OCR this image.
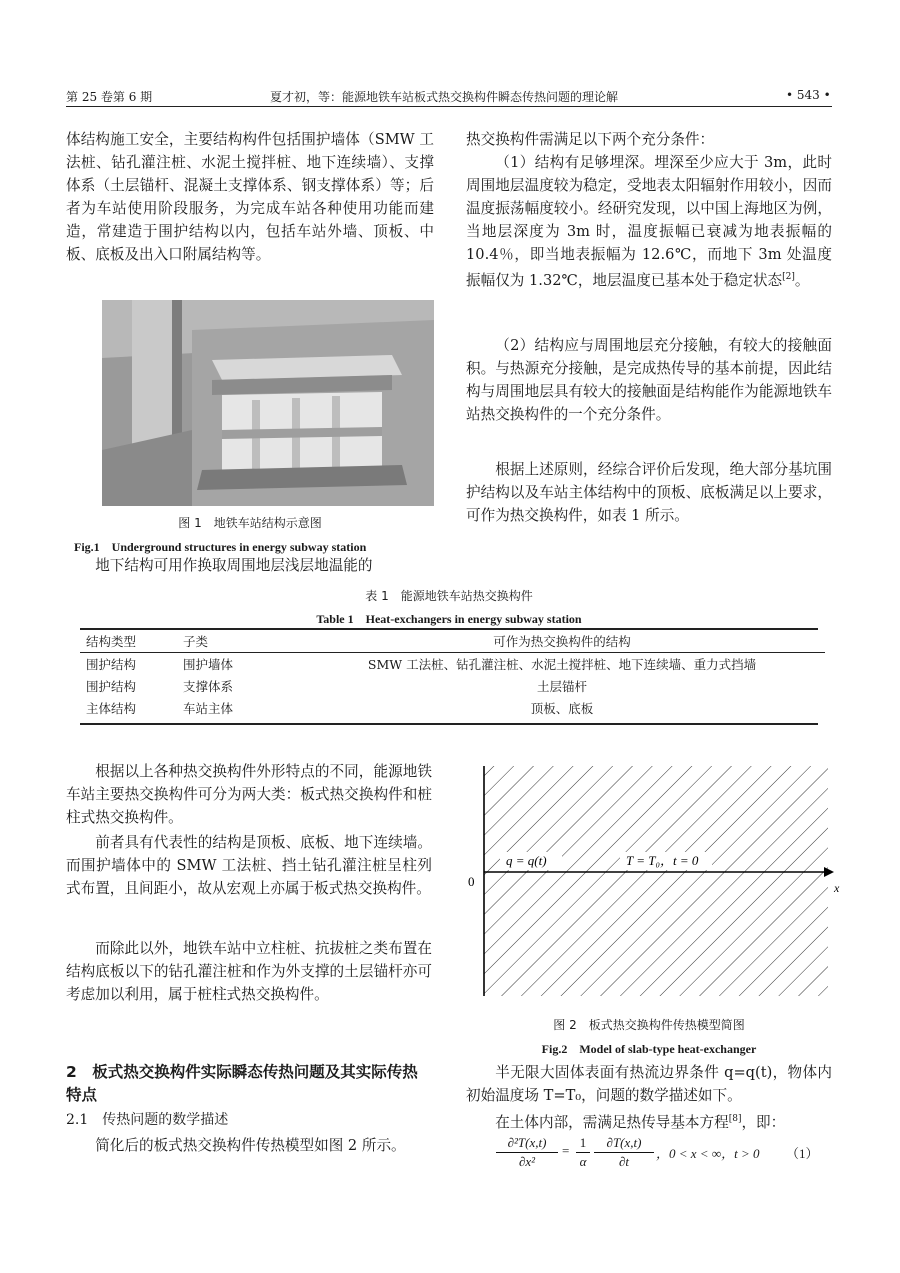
第 25 卷第 6 期	夏才初，等：能源地铁车站板式热交换构件瞬态传热问题的理论解	• 543 •

体结构施工安全，主要结构构件包括围护墙体（SMW 工法桩、钻孔灌注桩、水泥土搅拌桩、地下连续墙）、支撑体系（土层锚杆、混凝土支撑体系、钢支撑体系）等；后者为车站使用阶段服务，为完成车站各种使用功能而建造，常建造于围护结构以内，包括车站外墙、顶板、中板、底板及出入口附属结构等。

图 1　地铁车站结构示意图
Fig.1　Underground structures in energy subway station

地下结构可用作换取周围地层浅层地温能的

热交换构件需满足以下两个充分条件：

（1）结构有足够埋深。埋深至少应大于 3m，此时周围地层温度较为稳定，受地表太阳辐射作用较小，因而温度振荡幅度较小。经研究发现，以中国上海地区为例，当地层深度为 3m 时，温度振幅已衰减为地表振幅的 10.4％，即当地表振幅为 12.6℃，而地下 3m 处温度振幅仅为 1.32℃，地层温度已基本处于稳定状态[2]。

（2）结构应与周围地层充分接触，有较大的接触面积。与热源充分接触，是完成热传导的基本前提，因此结构与周围地层具有较大的接触面是结构能作为能源地铁车站热交换构件的一个充分条件。

根据上述原则，经综合评价后发现，绝大部分基坑围护结构以及车站主体结构中的顶板、底板满足以上要求，可作为热交换构件，如表 1 所示。

表 1　能源地铁车站热交换构件
Table 1　Heat-exchangers in energy subway station
结构类型	子类	可作为热交换构件的结构
围护结构	围护墙体	SMW 工法桩、钻孔灌注桩、水泥土搅拌桩、地下连续墙、重力式挡墙
围护结构	支撑体系	土层锚杆
主体结构	车站主体	顶板、底板

根据以上各种热交换构件外形特点的不同，能源地铁车站主要热交换构件可分为两大类：板式热交换构件和桩柱式热交换构件。

前者具有代表性的结构是顶板、底板、地下连续墙。而围护墙体中的 SMW 工法桩、挡土钻孔灌注桩呈柱列式布置，且间距小，故从宏观上亦属于板式热交换构件。

而除此以外，地铁车站中立柱桩、抗拔桩之类布置在结构底板以下的钻孔灌注桩和作为外支撑的土层锚杆亦可考虑加以利用，属于桩柱式热交换构件。

2　板式热交换构件实际瞬态传热问题及其实际传热特点

2.1　传热问题的数学描述

简化后的板式热交换构件传热模型如图 2 所示。

q = q(t)	T = T₀，t = 0
0	x
图 2　板式热交换构件传热模型简图
Fig.2　Model of slab-type heat-exchanger

半无限大固体表面有热流边界条件 q=q(t)，物体内初始温度场 T=T₀，问题的数学描述如下。

在土体内部，需满足热传导基本方程[8]，即：

$\frac{\text{∂²T(x,t)}}{\text{∂x²}} = \frac{1}{\alpha} \frac{\partial T(x,t)}{\partial t}$ ，0 < x < ∞，t > 0 （1）
